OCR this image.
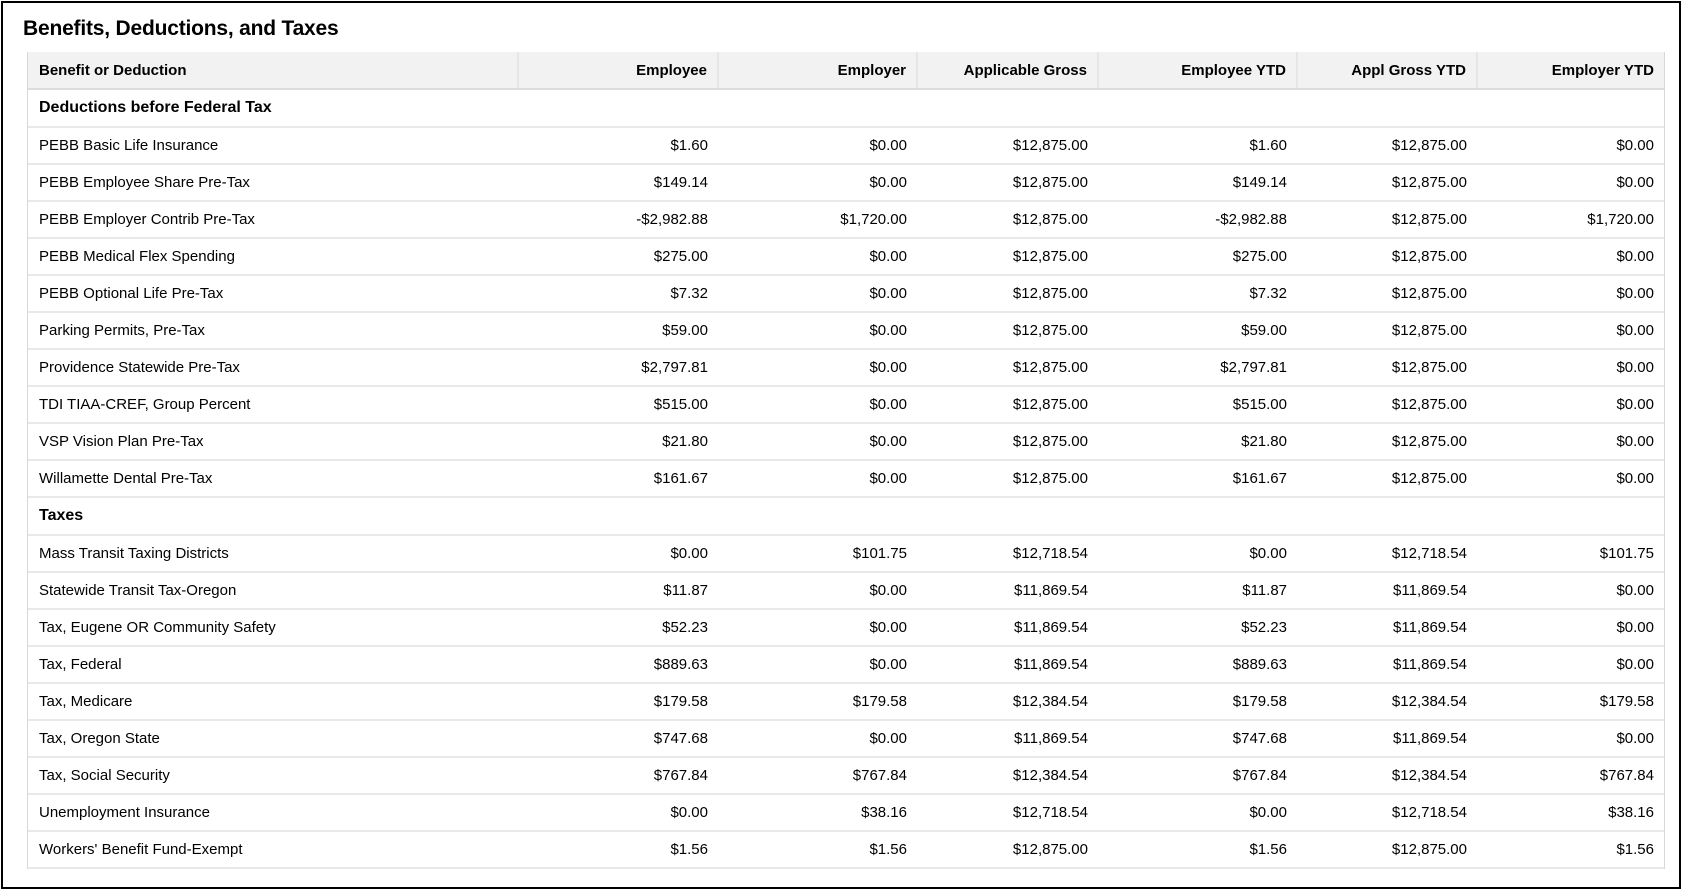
Benefits, Deductions, and Taxes
Benefit or Deduction	Employee	Employer	Applicable Gross	Employee YTD	Appl Gross YTD	Employer YTD
Deductions before Federal Tax						
PEBB Basic Life Insurance	$1.60	$0.00	$12,875.00	$1.60	$12,875.00	$0.00
PEBB Employee Share Pre-Tax	$149.14	$0.00	$12,875.00	$149.14	$12,875.00	$0.00
PEBB Employer Contrib Pre-Tax	-$2,982.88	$1,720.00	$12,875.00	-$2,982.88	$12,875.00	$1,720.00
PEBB Medical Flex Spending	$275.00	$0.00	$12,875.00	$275.00	$12,875.00	$0.00
PEBB Optional Life Pre-Tax	$7.32	$0.00	$12,875.00	$7.32	$12,875.00	$0.00
Parking Permits, Pre-Tax	$59.00	$0.00	$12,875.00	$59.00	$12,875.00	$0.00
Providence Statewide Pre-Tax	$2,797.81	$0.00	$12,875.00	$2,797.81	$12,875.00	$0.00
TDI TIAA-CREF, Group Percent	$515.00	$0.00	$12,875.00	$515.00	$12,875.00	$0.00
VSP Vision Plan Pre-Tax	$21.80	$0.00	$12,875.00	$21.80	$12,875.00	$0.00
Willamette Dental Pre-Tax	$161.67	$0.00	$12,875.00	$161.67	$12,875.00	$0.00
Taxes						
Mass Transit Taxing Districts	$0.00	$101.75	$12,718.54	$0.00	$12,718.54	$101.75
Statewide Transit Tax-Oregon	$11.87	$0.00	$11,869.54	$11.87	$11,869.54	$0.00
Tax, Eugene OR Community Safety	$52.23	$0.00	$11,869.54	$52.23	$11,869.54	$0.00
Tax, Federal	$889.63	$0.00	$11,869.54	$889.63	$11,869.54	$0.00
Tax, Medicare	$179.58	$179.58	$12,384.54	$179.58	$12,384.54	$179.58
Tax, Oregon State	$747.68	$0.00	$11,869.54	$747.68	$11,869.54	$0.00
Tax, Social Security	$767.84	$767.84	$12,384.54	$767.84	$12,384.54	$767.84
Unemployment Insurance	$0.00	$38.16	$12,718.54	$0.00	$12,718.54	$38.16
Workers' Benefit Fund-Exempt	$1.56	$1.56	$12,875.00	$1.56	$12,875.00	$1.56
